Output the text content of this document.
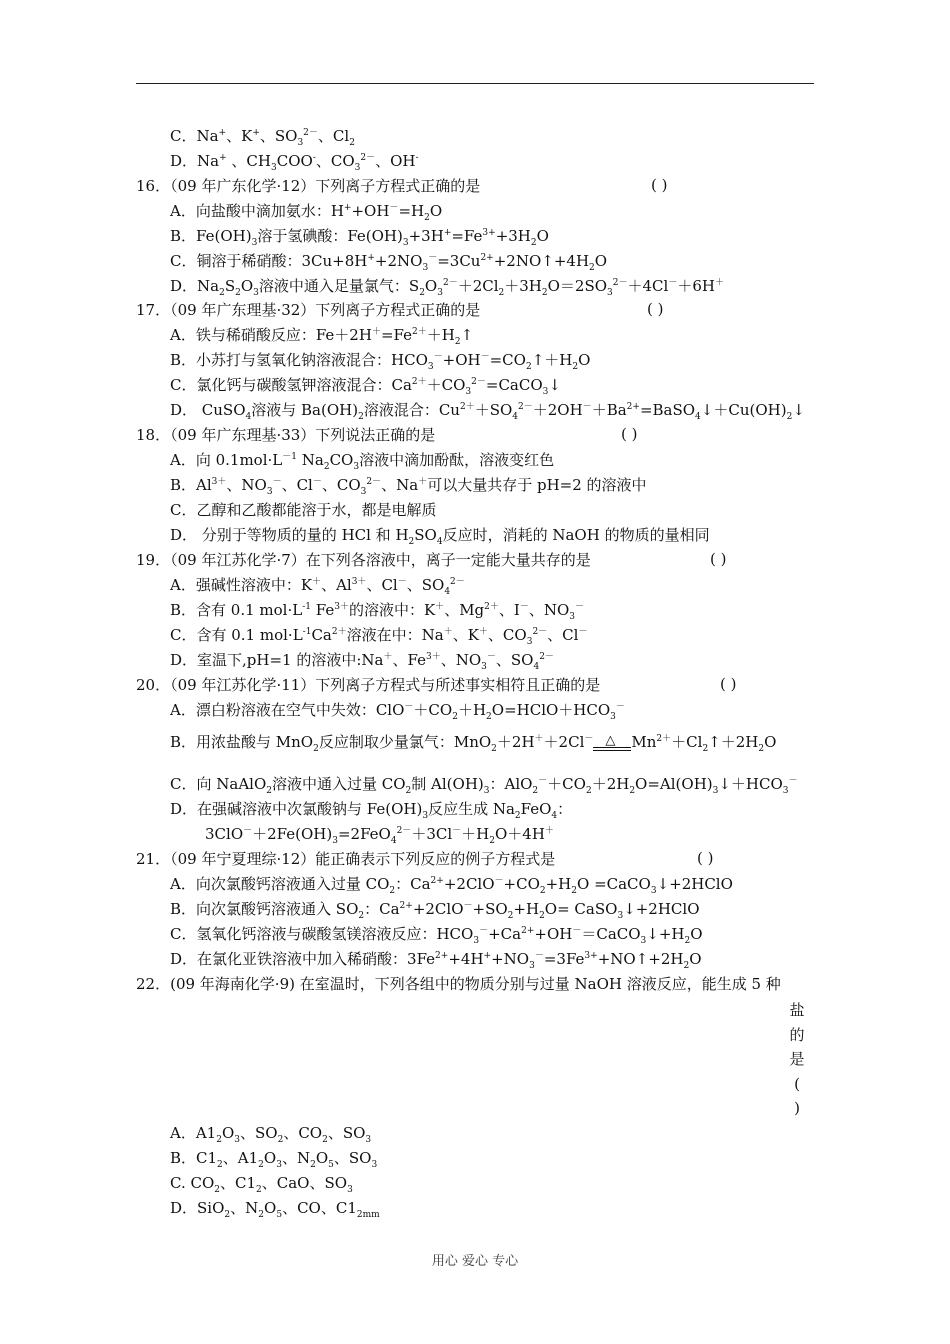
C．Na+、K+、$SO_3^{2-}$、$Cl_2$
D．Na+ 、$CH_3COO^-$、$CO_3^{2-}$、OH-
16．（09 年广东化学·12）下列离子方程式正确的是
A．向盐酸中滴加氨水：$H^++OH^-=H_2O$
B．$Fe(OH)_3$溶于氢碘酸：$Fe(OH)_3+3H^+=Fe^{3+}+3H_2O$
C．铜溶于稀硝酸：$3Cu+8H^++2NO_3^-=3Cu^{2+}+2NO↑+4H_2O$
D．$Na_2S_2O_3$溶液中通入足量氯气：$S_2O_3^{2-}+2Cl_2+3H_2O=2SO_3^{2-}+4Cl^-+6H^+$
17．（09 年广东理基·32）下列离子方程式正确的是
A．铁与稀硝酸反应：$Fe+2H^+=Fe^{2+}+H_2↑$
B．小苏打与氢氧化钠溶液混合：$HCO_3^-+OH^-=CO_2↑+H_2O$
C．氯化钙与碳酸氢钾溶液混合：$Ca^{2+}+CO_3^{2-}=CaCO_3↓$
D． CuSO$_4$溶液与 $Ba(OH)_2$溶液混合：$Cu^{2+}+SO_4^{2-}+2OH^-+Ba^{2+}=BaSO_4↓+Cu(OH)_2↓$
18．（09 年广东理基·33）下列说法正确的是
A．向 $0.1mol\cdot L^{-1}$ $Na_2CO_3$溶液中滴加酚酞，溶液变红色
B．$Al^{3+}$、$NO_3^-$、Cl－、$CO_3^{2-}$、Na＋可以大量共存于 pH=2 的溶液中
C．乙醇和乙酸都能溶于水，都是电解质
D． 分别于等物质的量的 HCl 和 $H_2SO_4$反应时，消耗的 NaOH 的物质的量相同
19．（09 年江苏化学·7）在下列各溶液中，离子一定能大量共存的是
A．强碱性溶液中：K＋、$Al^{3+}$、Cl－、$SO_4^{2-}$
B．含有 0.1 $mol\cdot L^{-1}$ $Fe^{3+}$的溶液中：K＋、$Mg^{2+}$、I－、$NO_3^-$
C．含有 0.1 $mol\cdot L^{-1}Ca^{2+}$溶液在中：Na＋、K＋、$CO_3^{2-}$、Cl－
D．室温下,pH=1 的溶液中:Na＋、$Fe^{3+}$、$NO_3^-$、$SO_4^{2-}$
20．（09 年江苏化学·11）下列离子方程式与所述事实相符且正确的是
A．漂白粉溶液在空气中失效：$ClO^-+CO_2+H_2O=HClO+HCO_3^-$
B．用浓盐酸与 MnO$_2$反应制取少量氯气：MnO$_2$＋2H＋＋2Cl－ △ $Mn^{2+}+Cl_2↑+2H_2O$
C．向 NaAlO$_2$溶液中通入过量 $CO_2$制 $Al(OH)_3$：$AlO_2^-+CO_2+2H_2O=Al(OH)_3↓+HCO_3^-$
D．在强碱溶液中次氯酸钠与 $Fe(OH)_3$反应生成 $Na_2FeO_4$：
$3ClO^-+2Fe(OH)_3=2FeO_4^{2-}+3Cl^-+H_2O+4H^+$
21．（09 年宁夏理综·12）能正确表示下列反应的例子方程式是
A．向次氯酸钙溶液通入过量 $CO_2$：$Ca^{2+}+2ClO^-+CO_2+H_2O$ =CaCO$_3$↓+2HClO
B．向次氯酸钙溶液通入 $SO_2$：$Ca^{2+}+2ClO^-+SO_2+H_2O=$ CaSO$_3$↓+2HClO
C．氢氧化钙溶液与碳酸氢镁溶液反应：$HCO_3^-+Ca^{2+}+OH^-=CaCO_3↓+H_2O$
D．在氯化亚铁溶液中加入稀硝酸：$3Fe^{2+}+4H^++NO_3^-=3Fe^{3+}+NO↑+2H_2O$
22．(09 年海南化学·9) 在室温时，下列各组中的物质分别与过量 NaOH 溶液反应，能生成 5 种
A．$A1_2O_3$、$SO_2$、$CO_2$、$SO_3$
B．$C1_2$、$A1_2O_3$、$N_2O_5$、$SO_3$
C. $CO_2$、$C1_2$、CaO、$SO_3$
D．SiO$_2$、$N_2O_5$、CO、$C1_{2mm}$
( )
( )
( )
( )
( )
( )
盐
的
是
(
)
用心 爱心 专心
